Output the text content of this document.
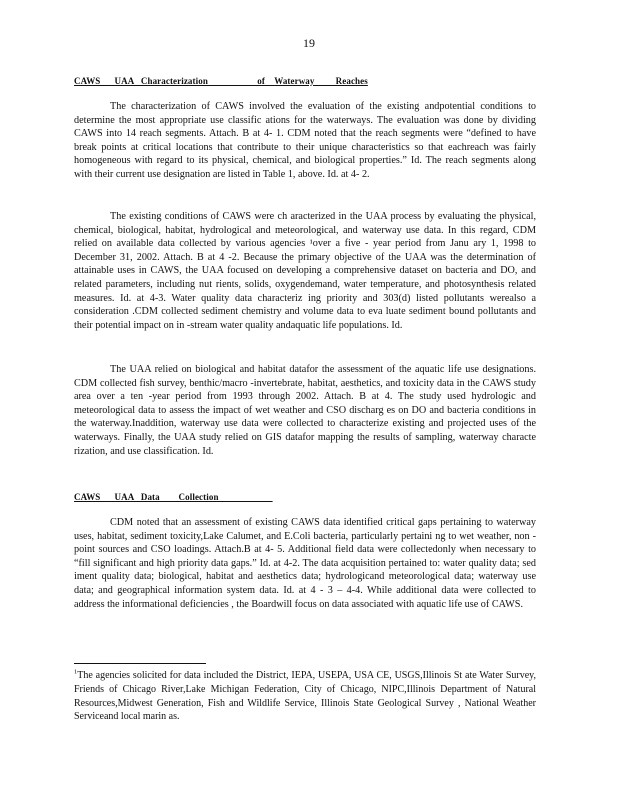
19
CAWS      UAA   Characterization                     of    Waterway         Reaches

The characterization of CAWS involved the evaluation of the existing andpotential conditions to determine the most appropriate use classific ations for the waterways. The evaluation was done by dividing CAWS into 14 reach segments. Attach. B at 4- 1. CDM noted that the reach segments were “defined to have break points at critical locations that contribute to their unique characteristics so that eachreach was fairly homogeneous with regard to its physical, chemical, and biological properties.” Id. The reach segments along with their current use designation are listed in Table 1, above. Id. at 4- 2.

The existing conditions of CAWS were ch aracterized in the UAA process by evaluating the physical, chemical, biological, habitat, hydrological and meteorological, and waterway use data. In this regard, CDM relied on available data collected by various agencies ¹over a five - year period from Janu ary 1, 1998 to December 31, 2002. Attach. B at 4 -2. Because the primary objective of the UAA was the determination of attainable uses in CAWS, the UAA focused on developing a comprehensive dataset on bacteria and DO, and related parameters, including nut rients, solids, oxygendemand, water temperature, and photosynthesis related measures. Id. at 4-3. Water quality data characteriz ing priority and 303(d) listed pollutants werealso a consideration .CDM collected sediment chemistry and volume data to eva luate sediment bound pollutants and their potential impact on in -stream water quality andaquatic life populations. Id.

The UAA relied on biological and habitat datafor the assessment of the aquatic life use designations. CDM collected fish survey, benthic/macro -invertebrate, habitat, aesthetics, and toxicity data in the CAWS study area over a ten -year period from 1993 through 2002. Attach. B at 4. The study used hydrologic and meteorological data to assess the impact of wet weather and CSO discharg es on DO and bacteria conditions in the waterway.Inaddition, waterway use data were collected to characterize existing and projected uses of the waterways. Finally, the UAA study relied on GIS datafor mapping the results of sampling, waterway characte rization, and use classification. Id.

CAWS      UAA   Data        Collection

CDM noted that an assessment of existing CAWS data identified critical gaps pertaining to waterway uses, habitat, sediment toxicity,Lake Calumet, and E.Coli bacteria, particularly pertaini ng to wet weather, non -point sources and CSO loadings. Attach.B at 4- 5. Additional field data were collectedonly when necessary to “fill significant and high priority data gaps.” Id. at 4-2. The data acquisition pertained to: water quality data; sed iment quality data; biological, habitat and aesthetics data; hydrologicand meteorological data; waterway use data; and geographical information system data. Id. at 4 - 3 – 4-4. While additional data were collected to address the informational deficiencies , the Boardwill focus on data associated with aquatic life use of CAWS.

$^1$The agencies solicited for data included the District, IEPA, USEPA, USA CE, USGS,Illinois St ate Water Survey, Friends of Chicago River,Lake Michigan Federation, City of Chicago, NIPC,Illinois Department of Natural Resources,Midwest Generation, Fish and Wildlife Service, Illinois State Geological Survey , National Weather Serviceand local marin as.
